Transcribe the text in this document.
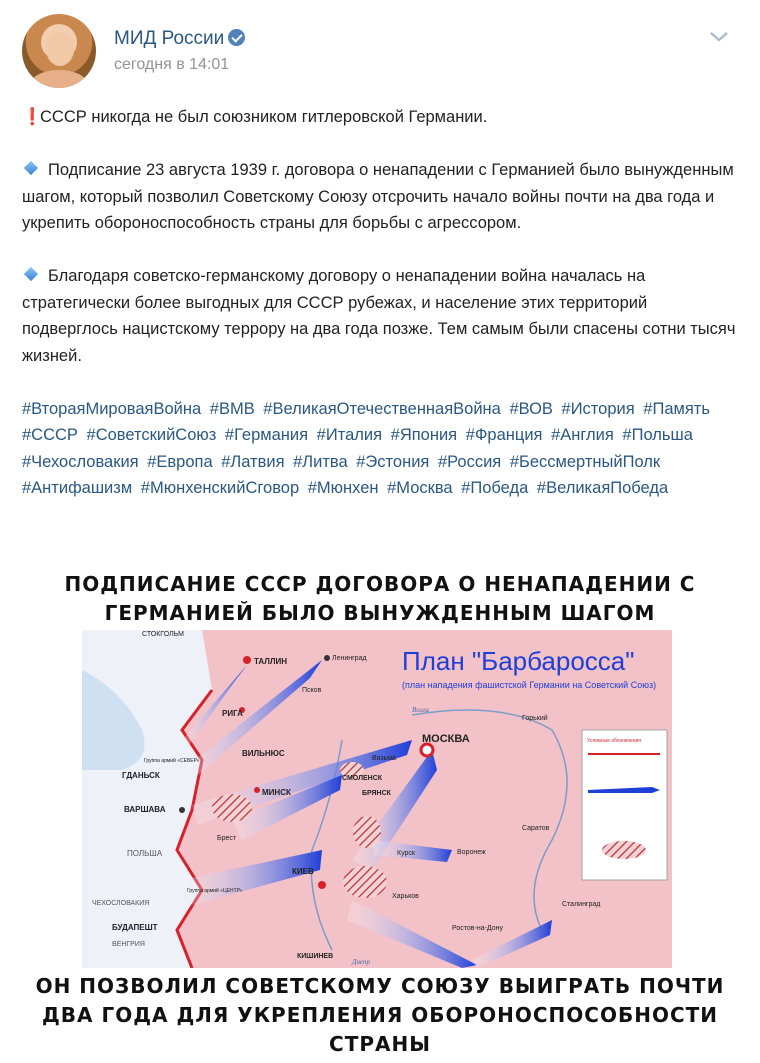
МИД России
сегодня в 14:01

❗СССР никогда не был союзником гитлеровской Германии.

Подписание 23 августа 1939 г. договора о ненападении с Германией было вынужденным шагом, который позволил Советскому Союзу отсрочить начало войны почти на два года и укрепить обороноспособность страны для борьбы с агрессором.

Благодаря советско-германскому договору о ненападении война началась на стратегически более выгодных для СССР рубежах, и население этих территорий подверглось нацистскому террору на два года позже. Тем самым были спасены сотни тысяч жизней.

#ВтораяМироваяВойна #ВМВ #ВеликаяОтечественнаяВойна #ВОВ #История #Память #СССР #СоветскийСоюз #Германия #Италия #Япония #Франция #Англия #Польша #Чехословакия #Европа #Латвия #Литва #Эстония #Россия #БессмертныйПолк #Антифашизм #МюнхенскийСговор #Мюнхен #Москва #Победа #ВеликаяПобеда
ПОДПИСАНИЕ СССР ДОГОВОРА О НЕНАПАДЕНИИ С ГЕРМАНИЕЙ БЫЛО ВЫНУЖДЕННЫМ ШАГОМ
План "Барбаросса"
(план нападения фашистской Германии на Советский Союз)
ТАЛЛИН	Ленинград
Псков
РИГА
ВИЛЬНЮС
МИНСК
МОСКВА
Вязьма
СМОЛЕНСК
БРЯНСК
ГДАНЬСК
ВАРШАВА
Брест
Курск	Воронеж
Саратов
КИЕВ
Харьков
Ростов-на-Дону
Сталинград
КИШИНЕВ
БУДАПЕШТ
Горький
ПОЛЬША
ЧЕХОСЛОВАКИЯ
ВЕНГРИЯ
Волга
Днепр
СТОКГОЛЬМ
Группа армий «СЕВЕР»
Группа армий «ЦЕНТР»
Условные обозначения
ОН ПОЗВОЛИЛ СОВЕТСКОМУ СОЮЗУ ВЫИГРАТЬ ПОЧТИ ДВА ГОДА ДЛЯ УКРЕПЛЕНИЯ ОБОРОНОСПОСОБНОСТИ СТРАНЫ
